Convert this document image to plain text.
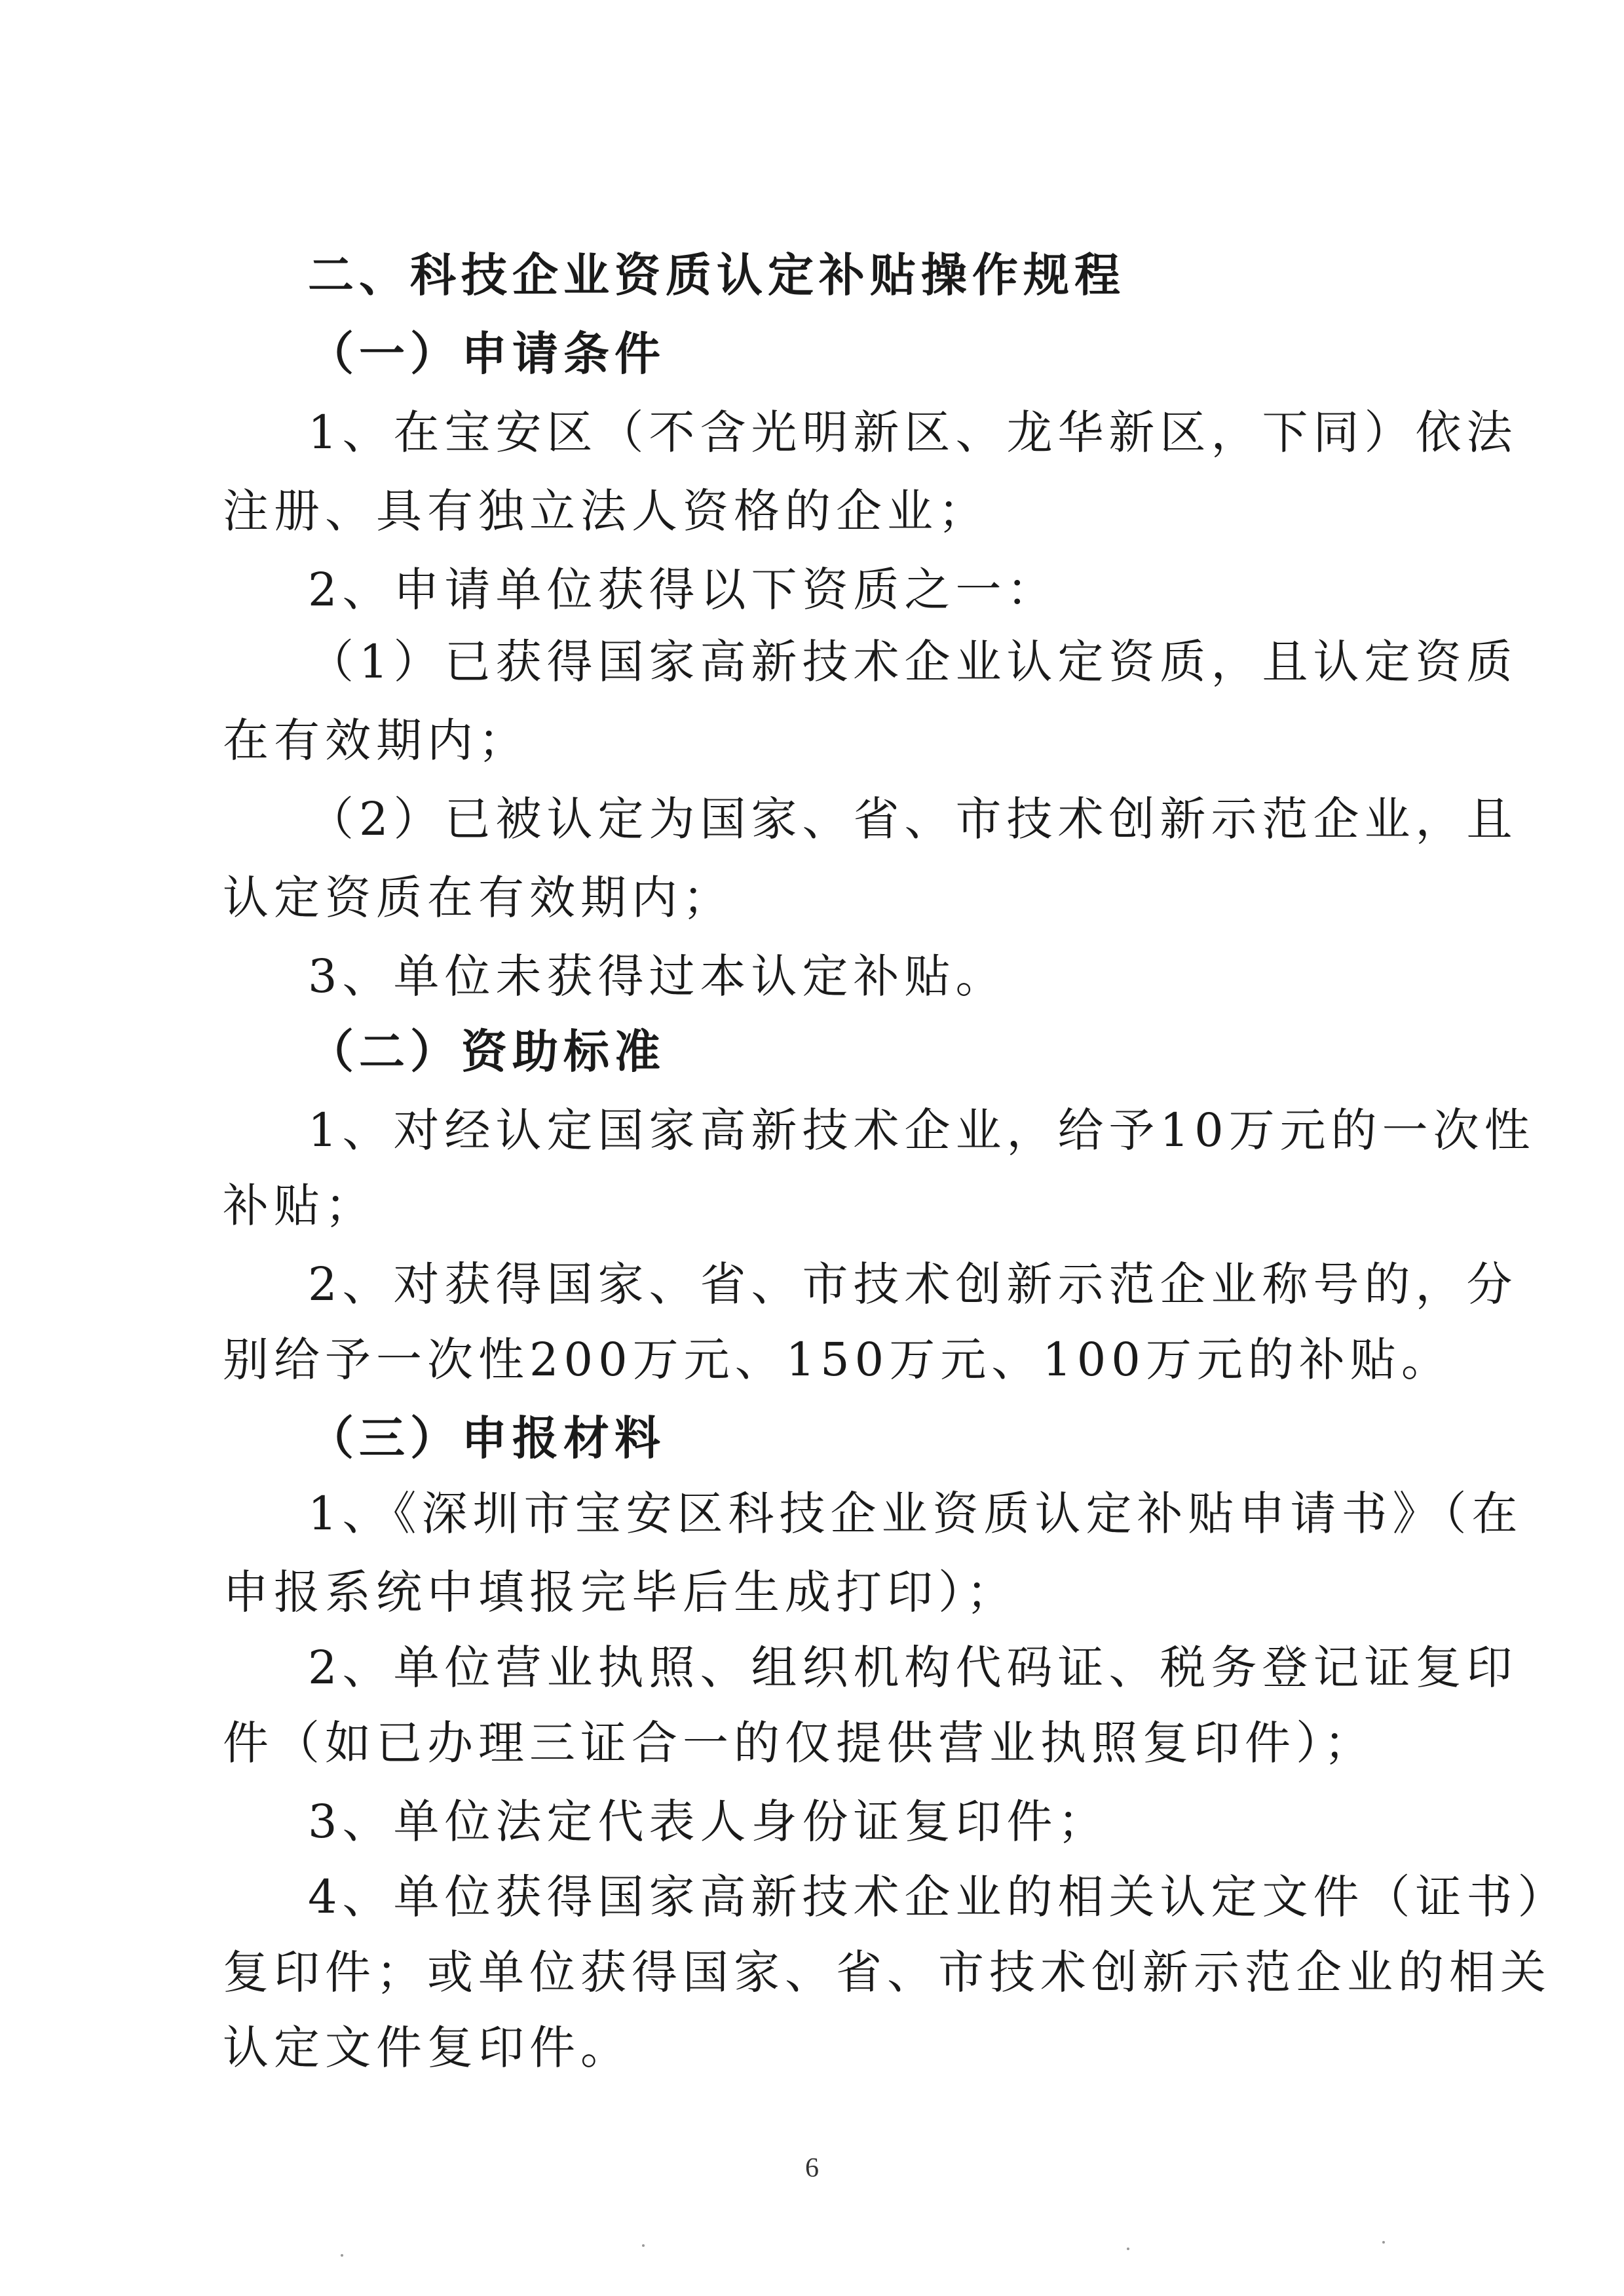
二、科技企业资质认定补贴操作规程
（一）申请条件
1、在宝安区（不含光明新区、龙华新区，下同）依法
注册、具有独立法人资格的企业；
2、申请单位获得以下资质之一：
（1）已获得国家高新技术企业认定资质，且认定资质
在有效期内；
（2）已被认定为国家、省、市技术创新示范企业，且
认定资质在有效期内；
3、单位未获得过本认定补贴。
（二）资助标准
1、对经认定国家高新技术企业，给予10万元的一次性
补贴；
2、对获得国家、省、市技术创新示范企业称号的，分
别给予一次性200万元、150万元、100万元的补贴。
（三）申报材料
1、《深圳市宝安区科技企业资质认定补贴申请书》（在
申报系统中填报完毕后生成打印）；
2、单位营业执照、组织机构代码证、税务登记证复印
件（如已办理三证合一的仅提供营业执照复印件）；
3、单位法定代表人身份证复印件；
4、单位获得国家高新技术企业的相关认定文件（证书）
复印件；或单位获得国家、省、市技术创新示范企业的相关
认定文件复印件。
6
